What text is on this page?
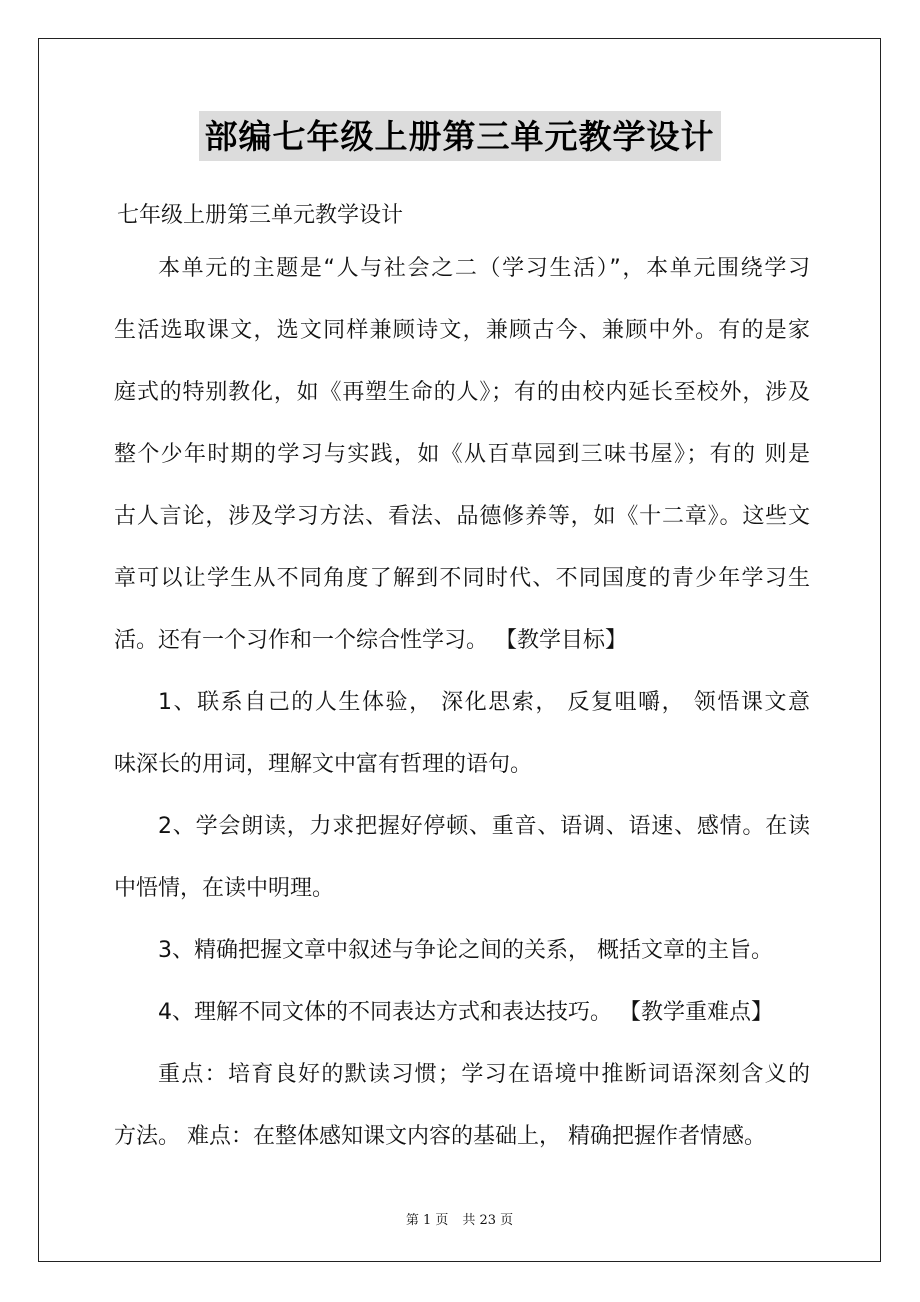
部编七年级上册第三单元教学设计
七年级上册第三单元教学设计
本单元的主题是“人与社会之二（学习生活）”，本单元围绕学习
生活选取课文，选文同样兼顾诗文，兼顾古今、兼顾中外。有的是家
庭式的特别教化，如《再塑生命的人》；有的由校内延长至校外，涉及
整个少年时期的学习与实践，如《从百草园到三味书屋》；有的 则是
古人言论，涉及学习方法、看法、品德修养等，如《十二章》。这些文
章可以让学生从不同角度了解到不同时代、不同国度的青少年学习生
活。还有一个习作和一个综合性学习。 【教学目标】
1、联系自己的人生体验， 深化思索， 反复咀嚼， 领悟课文意
味深长的用词，理解文中富有哲理的语句。
2、学会朗读，力求把握好停顿、重音、语调、语速、感情。在读
中悟情，在读中明理。
3、精确把握文章中叙述与争论之间的关系， 概括文章的主旨。
4、理解不同文体的不同表达方式和表达技巧。 【教学重难点】
重点：培育良好的默读习惯；学习在语境中推断词语深刻含义的
方法。 难点：在整体感知课文内容的基础上， 精确把握作者情感。
第 1 页 共 23 页
